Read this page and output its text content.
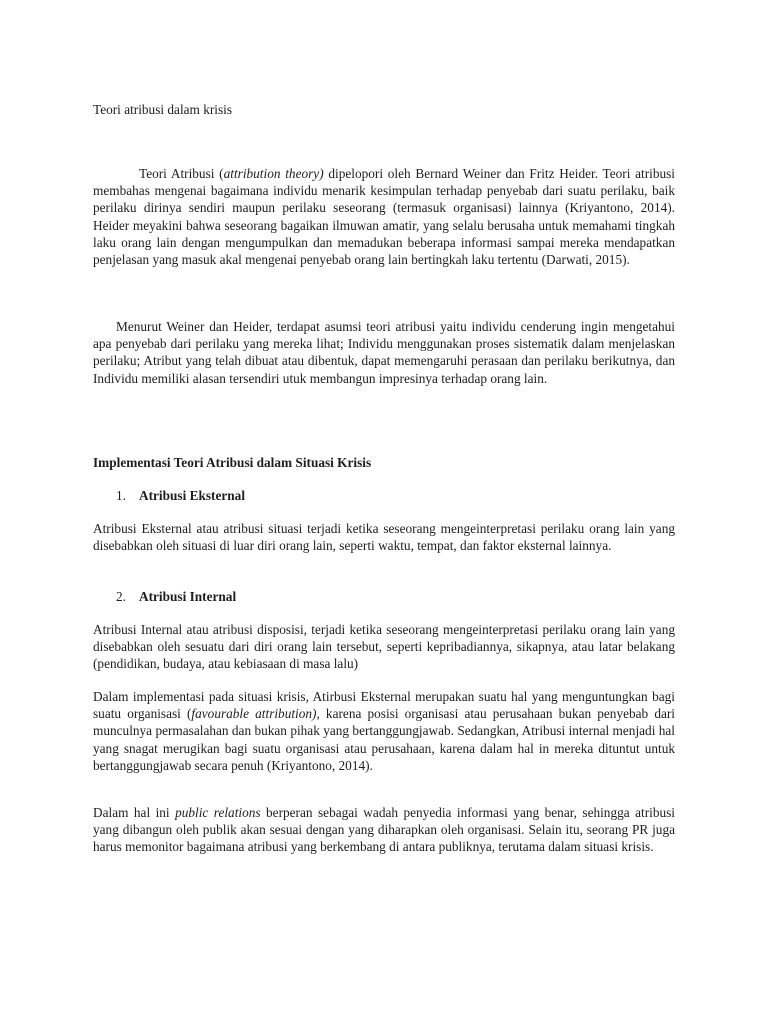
Teori atribusi dalam krisis

Teori Atribusi (attribution theory) dipelopori oleh Bernard Weiner dan Fritz Heider. Teori atribusi membahas mengenai bagaimana individu menarik kesimpulan terhadap penyebab dari suatu perilaku, baik perilaku dirinya sendiri maupun perilaku seseorang (termasuk organisasi) lainnya (Kriyantono, 2014). Heider meyakini bahwa seseorang bagaikan ilmuwan amatir, yang selalu berusaha untuk memahami tingkah laku orang lain dengan mengumpulkan dan memadukan beberapa informasi sampai mereka mendapatkan penjelasan yang masuk akal mengenai penyebab orang lain bertingkah laku tertentu (Darwati, 2015).

Menurut Weiner dan Heider, terdapat asumsi teori atribusi yaitu individu cenderung ingin mengetahui apa penyebab dari perilaku yang mereka lihat; Individu menggunakan proses sistematik dalam menjelaskan perilaku; Atribut yang telah dibuat atau dibentuk, dapat memengaruhi perasaan dan perilaku berikutnya, dan Individu memiliki alasan tersendiri utuk membangun impresinya terhadap orang lain.

Implementasi Teori Atribusi dalam Situasi Krisis

1. Atribusi Eksternal

Atribusi Eksternal atau atribusi situasi terjadi ketika seseorang mengeinterpretasi perilaku orang lain yang disebabkan oleh situasi di luar diri orang lain, seperti waktu, tempat, dan faktor eksternal lainnya.

2. Atribusi Internal

Atribusi Internal atau atribusi disposisi, terjadi ketika seseorang mengeinterpretasi perilaku orang lain yang disebabkan oleh sesuatu dari diri orang lain tersebut, seperti kepribadiannya, sikapnya, atau latar belakang (pendidikan, budaya, atau kebiasaan di masa lalu)

Dalam implementasi pada situasi krisis, Atirbusi Eksternal merupakan suatu hal yang menguntungkan bagi suatu organisasi (favourable attribution), karena posisi organisasi atau perusahaan bukan penyebab dari munculnya permasalahan dan bukan pihak yang bertanggungjawab. Sedangkan, Atribusi internal menjadi hal yang snagat merugikan bagi suatu organisasi atau perusahaan, karena dalam hal in mereka dituntut untuk bertanggungjawab secara penuh (Kriyantono, 2014).

Dalam hal ini public relations berperan sebagai wadah penyedia informasi yang benar, sehingga atribusi yang dibangun oleh publik akan sesuai dengan yang diharapkan oleh organisasi. Selain itu, seorang PR juga harus memonitor bagaimana atribusi yang berkembang di antara publiknya, terutama dalam situasi krisis.
